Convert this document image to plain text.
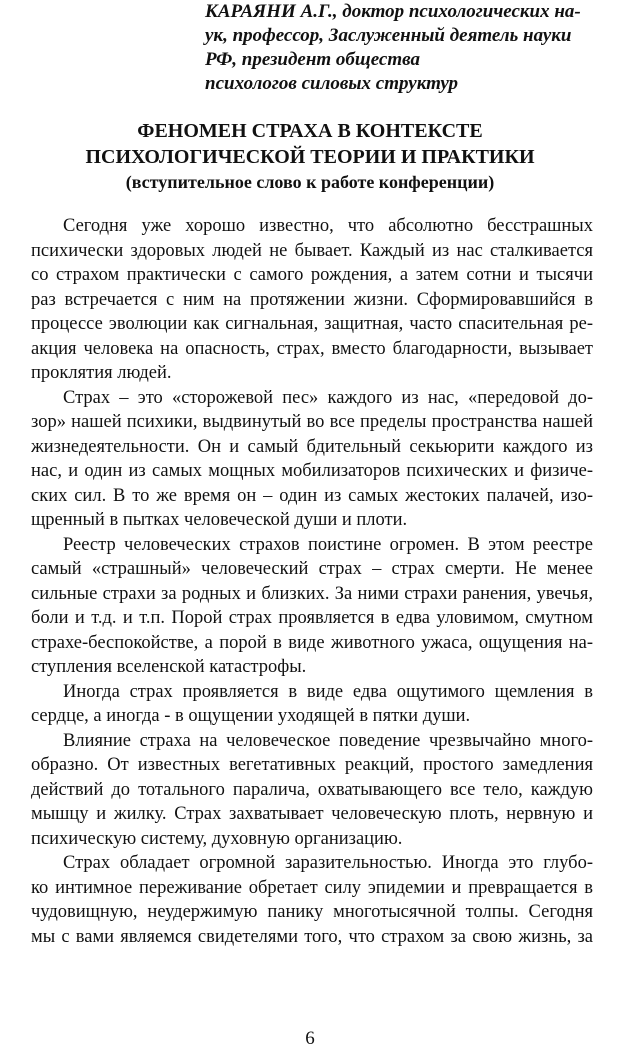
КАРАЯНИ А.Г., доктор психологических на-
ук, профессор, Заслуженный деятель науки
РФ, президент общества
психологов силовых структур
ФЕНОМЕН СТРАХА В КОНТЕКСТЕ
ПСИХОЛОГИЧЕСКОЙ ТЕОРИИ И ПРАКТИКИ
(вступительное слово к работе конференции)
Сегодня уже хорошо известно, что абсолютно бесстрашных
психически здоровых людей не бывает. Каждый из нас сталкивается
со страхом практически с самого рождения, а затем сотни и тысячи
раз встречается с ним на протяжении жизни. Сформировавшийся в
процессе эволюции как сигнальная, защитная, часто спасительная ре-
акция человека на опасность, страх, вместо благодарности, вызывает
проклятия людей.
Страх – это «сторожевой пес» каждого из нас, «передовой до-
зор» нашей психики, выдвинутый во все пределы пространства нашей
жизнедеятельности. Он и самый бдительный секьюрити каждого из
нас, и один из самых мощных мобилизаторов психических и физиче-
ских сил. В то же время он – один из самых жестоких палачей, изо-
щренный в пытках человеческой души и плоти.
Реестр человеческих страхов поистине огромен. В этом реестре
самый «страшный» человеческий страх – страх смерти. Не менее
сильные страхи за родных и близких. За ними страхи ранения, увечья,
боли и т.д. и т.п. Порой страх проявляется в едва уловимом, смутном
страхе-беспокойстве, а порой в виде животного ужаса, ощущения на-
ступления вселенской катастрофы.
Иногда страх проявляется в виде едва ощутимого щемления в
сердце, а иногда - в ощущении уходящей в пятки души.
Влияние страха на человеческое поведение чрезвычайно много-
образно. От известных вегетативных реакций, простого замедления
действий до тотального паралича, охватывающего все тело, каждую
мышцу и жилку. Страх захватывает человеческую плоть, нервную и
психическую систему, духовную организацию.
Страх обладает огромной заразительностью. Иногда это глубо-
ко интимное переживание обретает силу эпидемии и превращается в
чудовищную, неудержимую панику многотысячной толпы. Сегодня
мы с вами являемся свидетелями того, что страхом за свою жизнь, за
6
